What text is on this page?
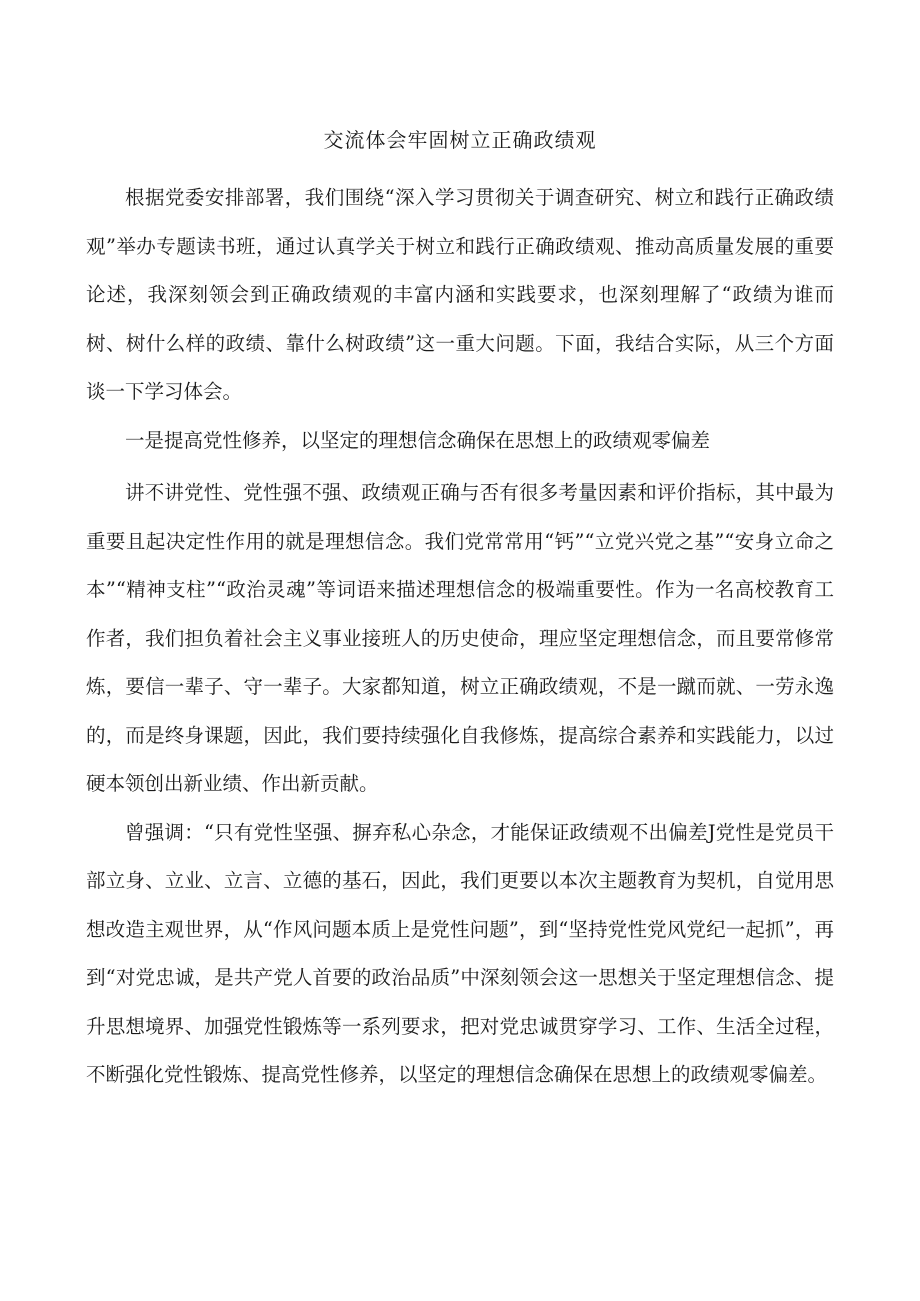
交流体会牢固树立正确政绩观

根据党委安排部署，我们围绕“深入学习贯彻关于调查研究、树立和践行正确政绩观”举办专题读书班，通过认真学关于树立和践行正确政绩观、推动高质量发展的重要论述，我深刻领会到正确政绩观的丰富内涵和实践要求，也深刻理解了“政绩为谁而树、树什么样的政绩、靠什么树政绩”这一重大问题。下面，我结合实际，从三个方面谈一下学习体会。

一是提高党性修养，以坚定的理想信念确保在思想上的政绩观零偏差

讲不讲党性、党性强不强、政绩观正确与否有很多考量因素和评价指标，其中最为重要且起决定性作用的就是理想信念。我们党常常用“钙”“立党兴党之基”“安身立命之本”“精神支柱”“政治灵魂”等词语来描述理想信念的极端重要性。作为一名高校教育工作者，我们担负着社会主义事业接班人的历史使命，理应坚定理想信念，而且要常修常炼，要信一辈子、守一辈子。大家都知道，树立正确政绩观，不是一蹴而就、一劳永逸的，而是终身课题，因此，我们要持续强化自我修炼，提高综合素养和实践能力，以过硬本领创出新业绩、作出新贡献。

曾强调：“只有党性坚强、摒弃私心杂念，才能保证政绩观不出偏差J党性是党员干部立身、立业、立言、立德的基石，因此，我们更要以本次主题教育为契机，自觉用思想改造主观世界，从“作风问题本质上是党性问题”，到“坚持党性党风党纪一起抓”，再到“对党忠诚，是共产党人首要的政治品质”中深刻领会这一思想关于坚定理想信念、提升思想境界、加强党性锻炼等一系列要求，把对党忠诚贯穿学习、工作、生活全过程，不断强化党性锻炼、提高党性修养，以坚定的理想信念确保在思想上的政绩观零偏差。
